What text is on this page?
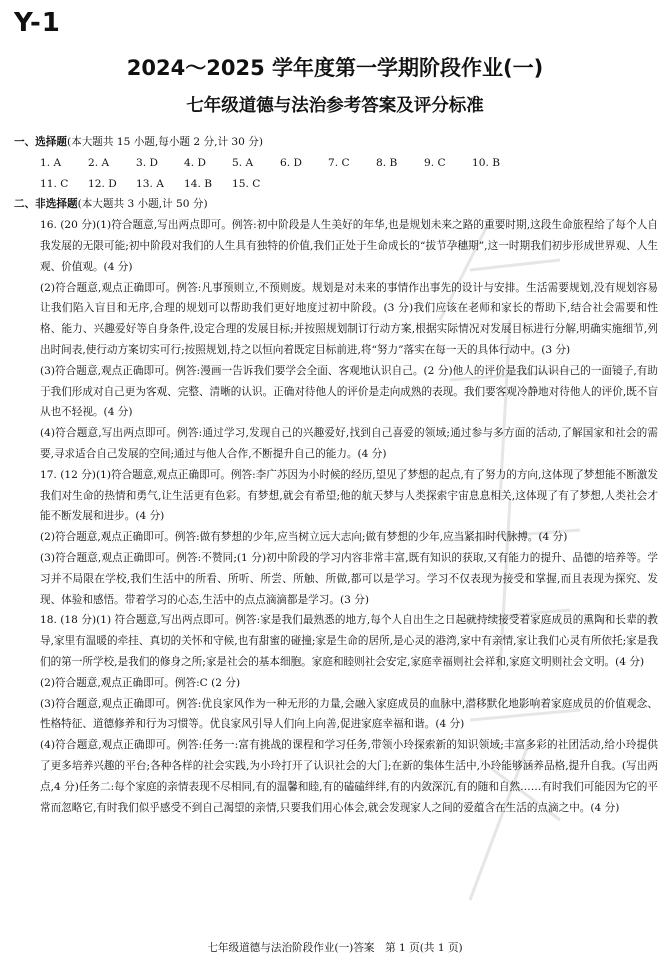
Y-1
2024～2025 学年度第一学期阶段作业(一)
七年级道德与法治参考答案及评分标准
一、选择题(本大题共 15 小题,每小题 2 分,计 30 分)
1. A	2. A	3. D	4. D	5. A	6. D	7. C	8. B	9. C	10. B
11. C	12. D	13. A	14. B	15. C
二、非选择题(本大题共 3 小题,计 50 分)
16. (20 分)(1)符合题意,写出两点即可。例答:初中阶段是人生美好的年华,也是规划未来之路的重要时期,这段生命旅程给了每个人自我发展的无限可能;初中阶段对我们的人生具有独特的价值,我们正处于生命成长的“拔节孕穗期”,这一时期我们初步形成世界观、人生观、价值观。(4 分)
(2)符合题意,观点正确即可。例答:凡事预则立,不预则废。规划是对未来的事情作出事先的设计与安排。生活需要规划,没有规划容易让我们陷入盲目和无序,合理的规划可以帮助我们更好地度过初中阶段。(3 分)我们应该在老师和家长的帮助下,结合社会需要和性格、能力、兴趣爱好等自身条件,设定合理的发展目标;并按照规划制订行动方案,根据实际情况对发展目标进行分解,明确实施细节,列出时间表,使行动方案切实可行;按照规划,持之以恒向着既定目标前进,将“努力”落实在每一天的具体行动中。(3 分)
(3)符合题意,观点正确即可。例答:漫画一告诉我们要学会全面、客观地认识自己。(2 分)他人的评价是我们认识自己的一面镜子,有助于我们形成对自己更为客观、完整、清晰的认识。正确对待他人的评价是走向成熟的表现。我们要客观冷静地对待他人的评价,既不盲从也不轻视。(4 分)
(4)符合题意,写出两点即可。例答:通过学习,发现自己的兴趣爱好,找到自己喜爱的领域;通过参与多方面的活动,了解国家和社会的需要,寻求适合自己发展的空间;通过与他人合作,不断提升自己的能力。(4 分)
17. (12 分)(1)符合题意,观点正确即可。例答:李广苏因为小时候的经历,望见了梦想的起点,有了努力的方向,这体现了梦想能不断激发我们对生命的热情和勇气,让生活更有色彩。有梦想,就会有希望;他的航天梦与人类探索宇宙息息相关,这体现了有了梦想,人类社会才能不断发展和进步。(4 分)
(2)符合题意,观点正确即可。例答:做有梦想的少年,应当树立远大志向;做有梦想的少年,应当紧扣时代脉搏。(4 分)
(3)符合题意,观点正确即可。例答:不赞同;(1 分)初中阶段的学习内容非常丰富,既有知识的获取,又有能力的提升、品德的培养等。学习并不局限在学校,我们生活中的所看、所听、所尝、所触、所做,都可以是学习。学习不仅表现为接受和掌握,而且表现为探究、发现、体验和感悟。带着学习的心态,生活中的点点滴滴都是学习。(3 分)
18. (18 分)(1) 符合题意,写出两点即可。例答:家是我们最熟悉的地方,每个人自出生之日起就持续接受着家庭成员的熏陶和长辈的教导,家里有温暖的牵挂、真切的关怀和守候,也有甜蜜的碰撞;家是生命的居所,是心灵的港湾,家中有亲情,家让我们心灵有所依托;家是我们的第一所学校,是我们的修身之所;家是社会的基本细胞。家庭和睦则社会安定,家庭幸福则社会祥和,家庭文明则社会文明。(4 分)
(2)符合题意,观点正确即可。例答:C (2 分)
(3)符合题意,观点正确即可。例答:优良家风作为一种无形的力量,会融入家庭成员的血脉中,潜移默化地影响着家庭成员的价值观念、性格特征、道德修养和行为习惯等。优良家风引导人们向上向善,促进家庭幸福和谐。(4 分)
(4)符合题意,观点正确即可。例答:任务一:富有挑战的课程和学习任务,带领小玲探索新的知识领域;丰富多彩的社团活动,给小玲提供了更多培养兴趣的平台;各种各样的社会实践,为小玲打开了认识社会的大门;在新的集体生活中,小玲能够涵养品格,提升自我。(写出两点,4 分)任务二:每个家庭的亲情表现不尽相同,有的温馨和睦,有的磕磕绊绊,有的内敛深沉,有的随和自然……有时我们可能因为它的平常而忽略它,有时我们似乎感受不到自己渴望的亲情,只要我们用心体会,就会发现家人之间的爱蕴含在生活的点滴之中。(4 分)
七年级道德与法治阶段作业(一)答案　第 1 页(共 1 页)
